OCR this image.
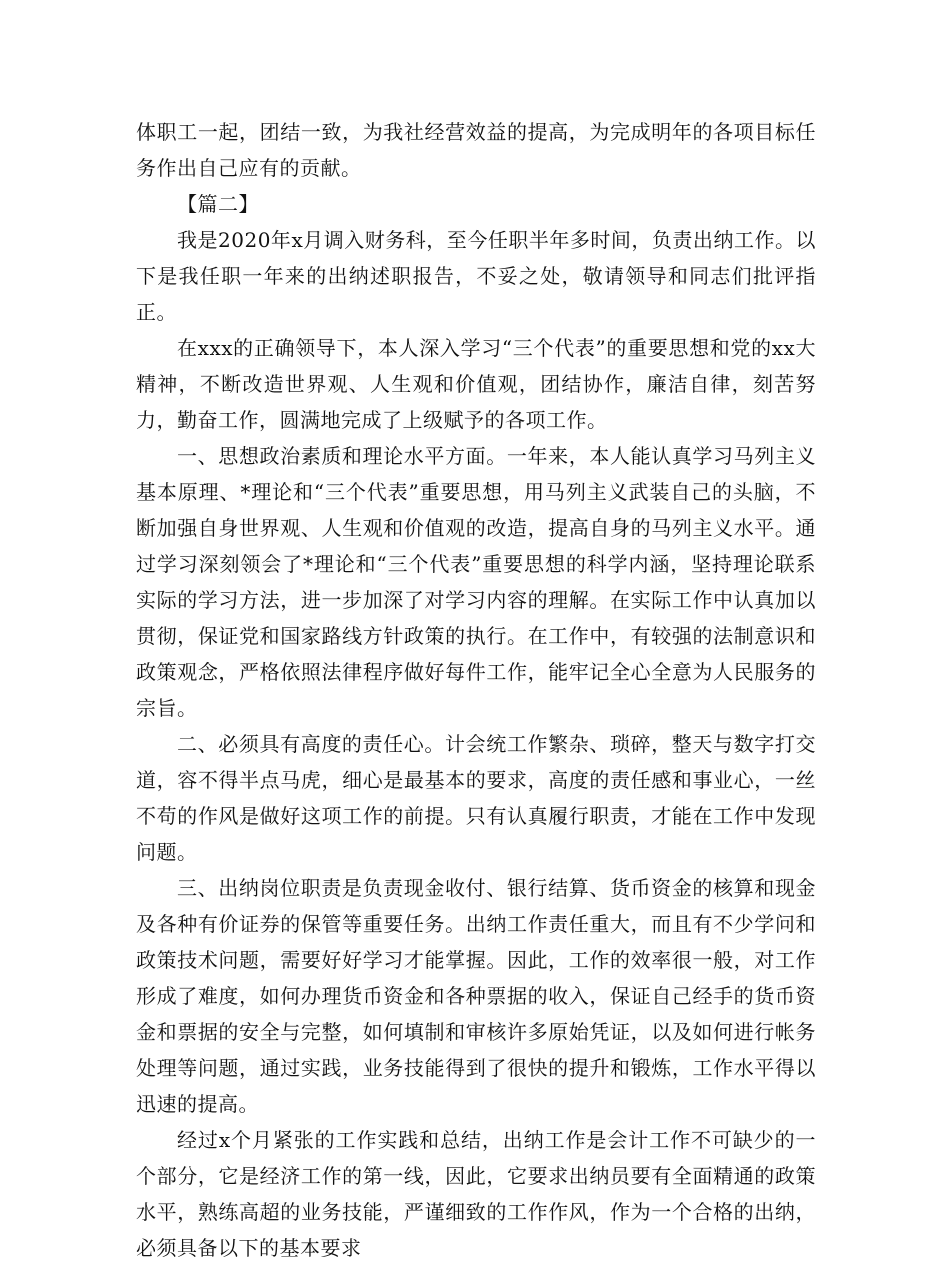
体职工一起，团结一致，为我社经营效益的提高，为完成明年的各项目标任务作出自己应有的贡献。

【篇二】

我是2020年x月调入财务科，至今任职半年多时间，负责出纳工作。以下是我任职一年来的出纳述职报告，不妥之处，敬请领导和同志们批评指正。

在xxx的正确领导下，本人深入学习“三个代表”的重要思想和党的xx大精神，不断改造世界观、人生观和价值观，团结协作，廉洁自律，刻苦努力，勤奋工作，圆满地完成了上级赋予的各项工作。

一、思想政治素质和理论水平方面。一年来，本人能认真学习马列主义基本原理、*理论和“三个代表”重要思想，用马列主义武装自己的头脑，不断加强自身世界观、人生观和价值观的改造，提高自身的马列主义水平。通过学习深刻领会了*理论和“三个代表”重要思想的科学内涵，坚持理论联系实际的学习方法，进一步加深了对学习内容的理解。在实际工作中认真加以贯彻，保证党和国家路线方针政策的执行。在工作中，有较强的法制意识和政策观念，严格依照法律程序做好每件工作，能牢记全心全意为人民服务的宗旨。

二、必须具有高度的责任心。计会统工作繁杂、琐碎，整天与数字打交道，容不得半点马虎，细心是最基本的要求，高度的责任感和事业心，一丝不苟的作风是做好这项工作的前提。只有认真履行职责，才能在工作中发现问题。

三、出纳岗位职责是负责现金收付、银行结算、货币资金的核算和现金及各种有价证券的保管等重要任务。出纳工作责任重大，而且有不少学问和政策技术问题，需要好好学习才能掌握。因此，工作的效率很一般，对工作形成了难度，如何办理货币资金和各种票据的收入，保证自己经手的货币资金和票据的安全与完整，如何填制和审核许多原始凭证，以及如何进行帐务处理等问题，通过实践，业务技能得到了很快的提升和锻炼，工作水平得以迅速的提高。

经过x个月紧张的工作实践和总结，出纳工作是会计工作不可缺少的一个部分，它是经济工作的第一线，因此，它要求出纳员要有全面精通的政策水平，熟练高超的业务技能，严谨细致的工作作风，作为一个合格的出纳，必须具备以下的基本要求
